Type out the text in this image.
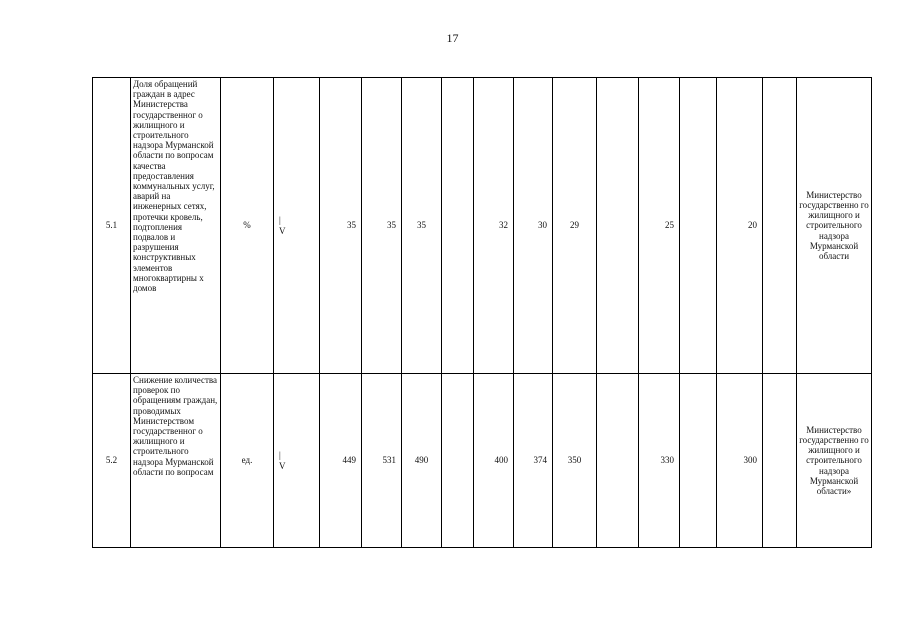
17
5.1	Доля обращений граждан в адрес Министерства государственног о жилищного и строительного надзора Мурманской области по вопросам качества предоставления коммунальных услуг, аварий на инженерных сетях, протечки кровель, подтопления подвалов и разрушения конструктивных элементов многоквартирны х домов	%	|
V	35	35	35		32	30	29		25		20		Министерство государственно го жилищного и строительного надзора Мурманской области
5.2	Снижение количества проверок по обращениям граждан, проводимых Министерством государственног о жилищного и строительного надзора Мурманской области по вопросам	ед.	|
V	449	531	490		400	374	350		330		300		Министерство государственно го жилищного и строительного надзора Мурманской области»
